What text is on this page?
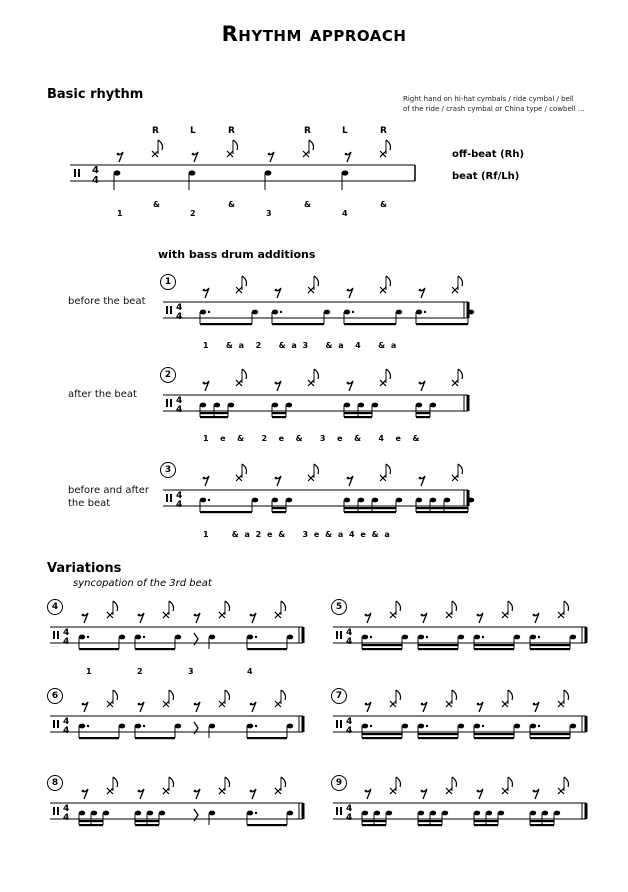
Rhythm approach
Basic rhythm	Right hand on hi-hat cymbals / ride cymbal / bell
of the ride / crash cymbal or China type / cowbell ...
R	L	R	R	L	R
4
4
1
&
2
&
3
&
4
&
off-beat (Rh)
beat (Rf/Lh)
with bass drum additions
1
before the beat
4
4
1   & a  2   & a 3   & a  4   & a
2
after the beat
4
4
1  e  &   2  e  &   3  e  &   4  e  &
3
before and after
the beat
4
4
1    & a 2 e &   3 e & a 4 e & a
Variations
syncopation of the 3rd beat
4
4
4
1	2	3	4
5
4
4
6
4
4
7
4
4
8
4
4
9
4
4
